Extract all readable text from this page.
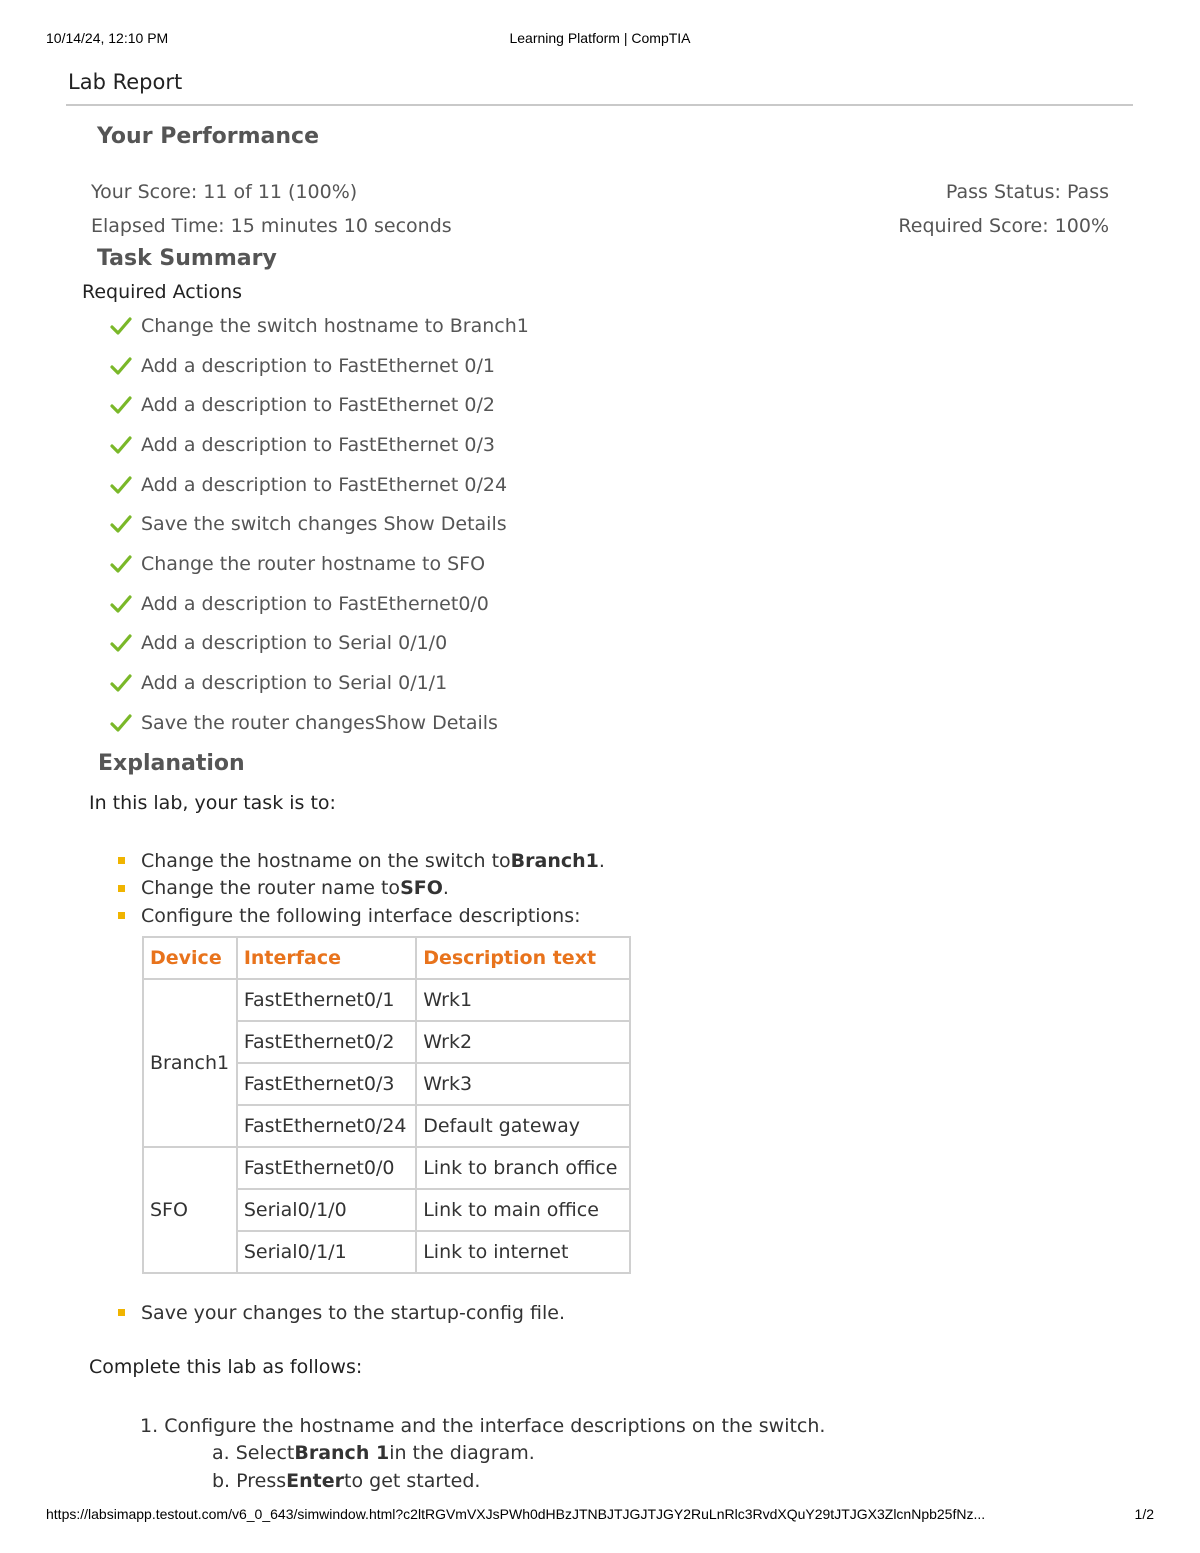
10/14/24, 12:10 PM	Learning Platform | CompTIA
Lab Report
Your Performance
Your Score: 11 of 11 (100%)
Elapsed Time: 15 minutes 10 seconds
Pass Status: Pass
Required Score: 100%
Task Summary
Required Actions
Change the switch hostname to Branch1
Add a description to FastEthernet 0/1
Add a description to FastEthernet 0/2
Add a description to FastEthernet 0/3
Add a description to FastEthernet 0/24
Save the switch changes Show Details
Change the router hostname to SFO
Add a description to FastEthernet0/0
Add a description to Serial 0/1/0
Add a description to Serial 0/1/1
Save the router changesShow Details
Explanation
In this lab, your task is to:
Change the hostname on the switch to Branch1 .
Change the router name to SFO .
Configure the following interface descriptions:
Device	Interface	Description text
Branch1	FastEthernet0/1	Wrk1
	FastEthernet0/2	Wrk2
	FastEthernet0/3	Wrk3
	FastEthernet0/24	Default gateway
SFO	FastEthernet0/0	Link to branch office
	Serial0/1/0	Link to main office
	Serial0/1/1	Link to internet
Save your changes to the startup-config file.
Complete this lab as follows:
1.
Configure the hostname and the interface descriptions on the switch.
a.
Select Branch 1 in the diagram.
b.
Press Enter to get started.
https://labsimapp.testout.com/v6_0_643/simwindow.html?c2ltRGVmVXJsPWh0dHBzJTNBJTJGJTJGY2RuLnRlc3RvdXQuY29tJTJGX3ZlcnNpb25fNz...	1/2
